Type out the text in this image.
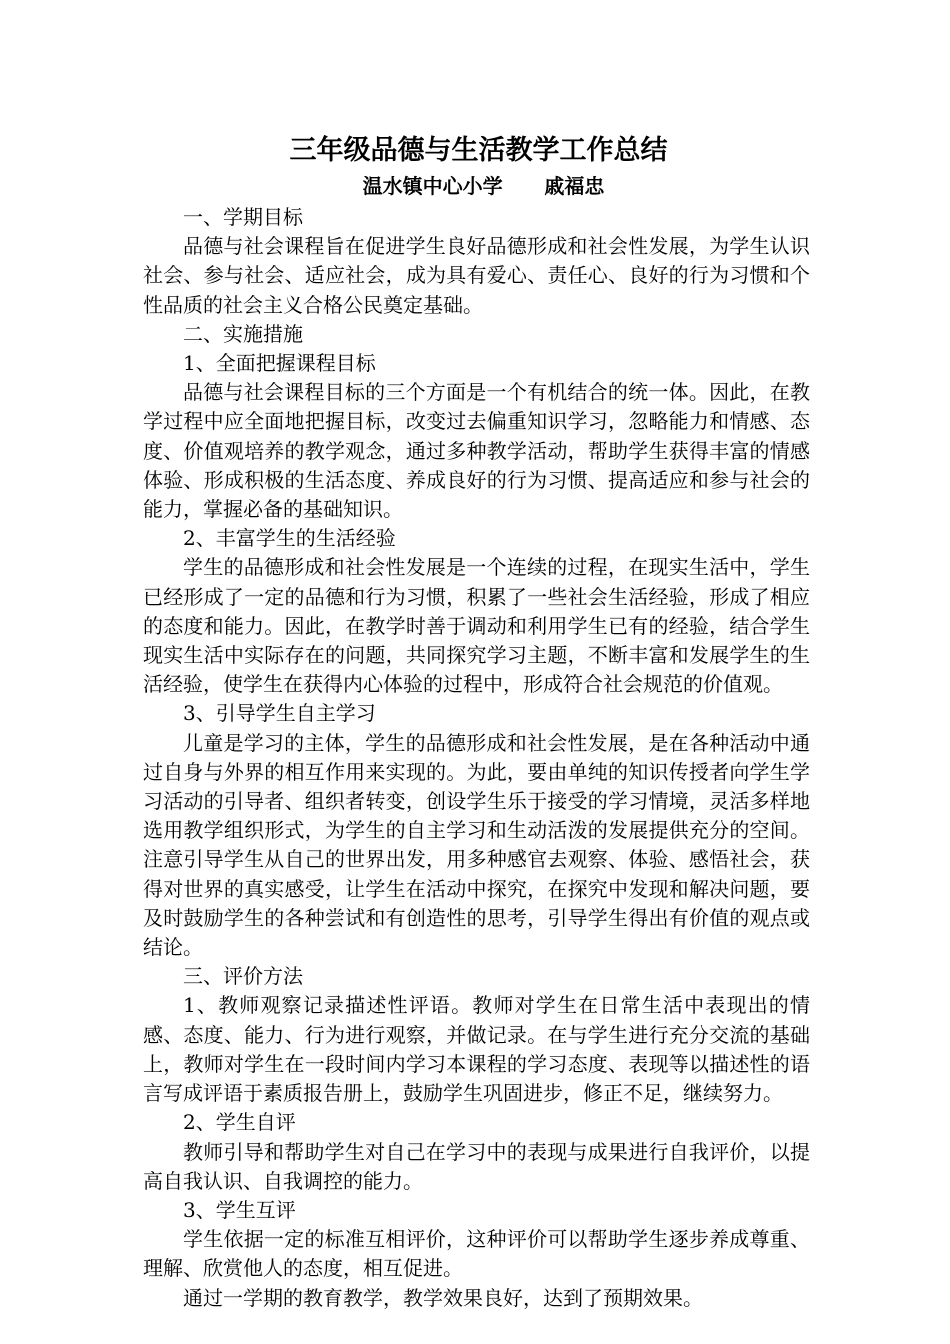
三年级品德与生活教学工作总结
温水镇中心小学      戚福忠

一、学期目标

品德与社会课程旨在促进学生良好品德形成和社会性发展，为学生认识社会、参与社会、适应社会，成为具有爱心、责任心、良好的行为习惯和个性品质的社会主义合格公民奠定基础。

二、实施措施

1、全面把握课程目标

品德与社会课程目标的三个方面是一个有机结合的统一体。因此，在教学过程中应全面地把握目标，改变过去偏重知识学习，忽略能力和情感、态度、价值观培养的教学观念，通过多种教学活动，帮助学生获得丰富的情感体验、形成积极的生活态度、养成良好的行为习惯、提高适应和参与社会的能力，掌握必备的基础知识。

2、丰富学生的生活经验

学生的品德形成和社会性发展是一个连续的过程，在现实生活中，学生已经形成了一定的品德和行为习惯，积累了一些社会生活经验，形成了相应的态度和能力。因此，在教学时善于调动和利用学生已有的经验，结合学生现实生活中实际存在的问题，共同探究学习主题，不断丰富和发展学生的生活经验，使学生在获得内心体验的过程中，形成符合社会规范的价值观。

3、引导学生自主学习

儿童是学习的主体，学生的品德形成和社会性发展，是在各种活动中通过自身与外界的相互作用来实现的。为此，要由单纯的知识传授者向学生学习活动的引导者、组织者转变，创设学生乐于接受的学习情境，灵活多样地选用教学组织形式，为学生的自主学习和生动活泼的发展提供充分的空间。注意引导学生从自己的世界出发，用多种感官去观察、体验、感悟社会，获得对世界的真实感受，让学生在活动中探究，在探究中发现和解决问题，要及时鼓励学生的各种尝试和有创造性的思考，引导学生得出有价值的观点或结论。

三、评价方法

1、教师观察记录描述性评语。教师对学生在日常生活中表现出的情感、态度、能力、行为进行观察，并做记录。在与学生进行充分交流的基础上，教师对学生在一段时间内学习本课程的学习态度、表现等以描述性的语言写成评语于素质报告册上，鼓励学生巩固进步，修正不足，继续努力。

2、学生自评

教师引导和帮助学生对自己在学习中的表现与成果进行自我评价，以提高自我认识、自我调控的能力。

3、学生互评

学生依据一定的标准互相评价，这种评价可以帮助学生逐步养成尊重、理解、欣赏他人的态度，相互促进。

通过一学期的教育教学，教学效果良好，达到了预期效果。
